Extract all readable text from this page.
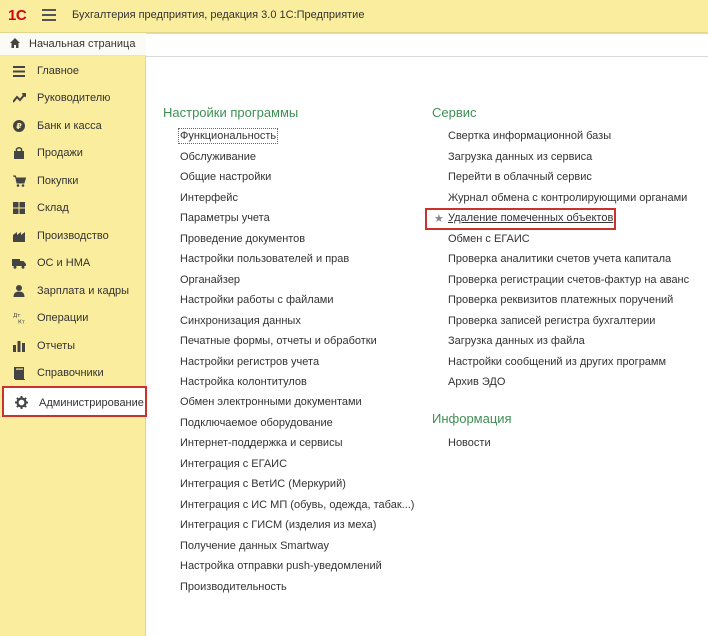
1С	Бухгалтерия предприятия, редакция 3.0 1С:Предприятие
Начальная страница
Главное
Руководителю
₽ Банк и касса
Продажи
Покупки
Склад
Производство
ОС и НМА
Зарплата и кадры
Дт
Кт Операции
Отчеты
Справочники
Администрирование
Настройки программы
Функциональность
Обслуживание
Общие настройки
Интерфейс
Параметры учета
Проведение документов
Настройки пользователей и прав
Органайзер
Настройки работы с файлами
Синхронизация данных
Печатные формы, отчеты и обработки
Настройки регистров учета
Настройка колонтитулов
Обмен электронными документами
Подключаемое оборудование
Интернет-поддержка и сервисы
Интеграция с ЕГАИС
Интеграция с ВетИС (Меркурий)
Интеграция с ИС МП (обувь, одежда, табак...)
Интеграция с ГИСМ (изделия из меха)
Получение данных Smartway
Настройка отправки push-уведомлений
Производительность
Сервис
Свертка информационной базы
Загрузка данных из сервиса
Перейти в облачный сервис
Журнал обмена с контролирующими органами
★ Удаление помеченных объектов
Обмен с ЕГАИС
Проверка аналитики счетов учета капитала
Проверка регистрации счетов-фактур на аванс
Проверка реквизитов платежных поручений
Проверка записей регистра бухгалтерии
Загрузка данных из файла
Настройки сообщений из других программ
Архив ЭДО
Информация
Новости
